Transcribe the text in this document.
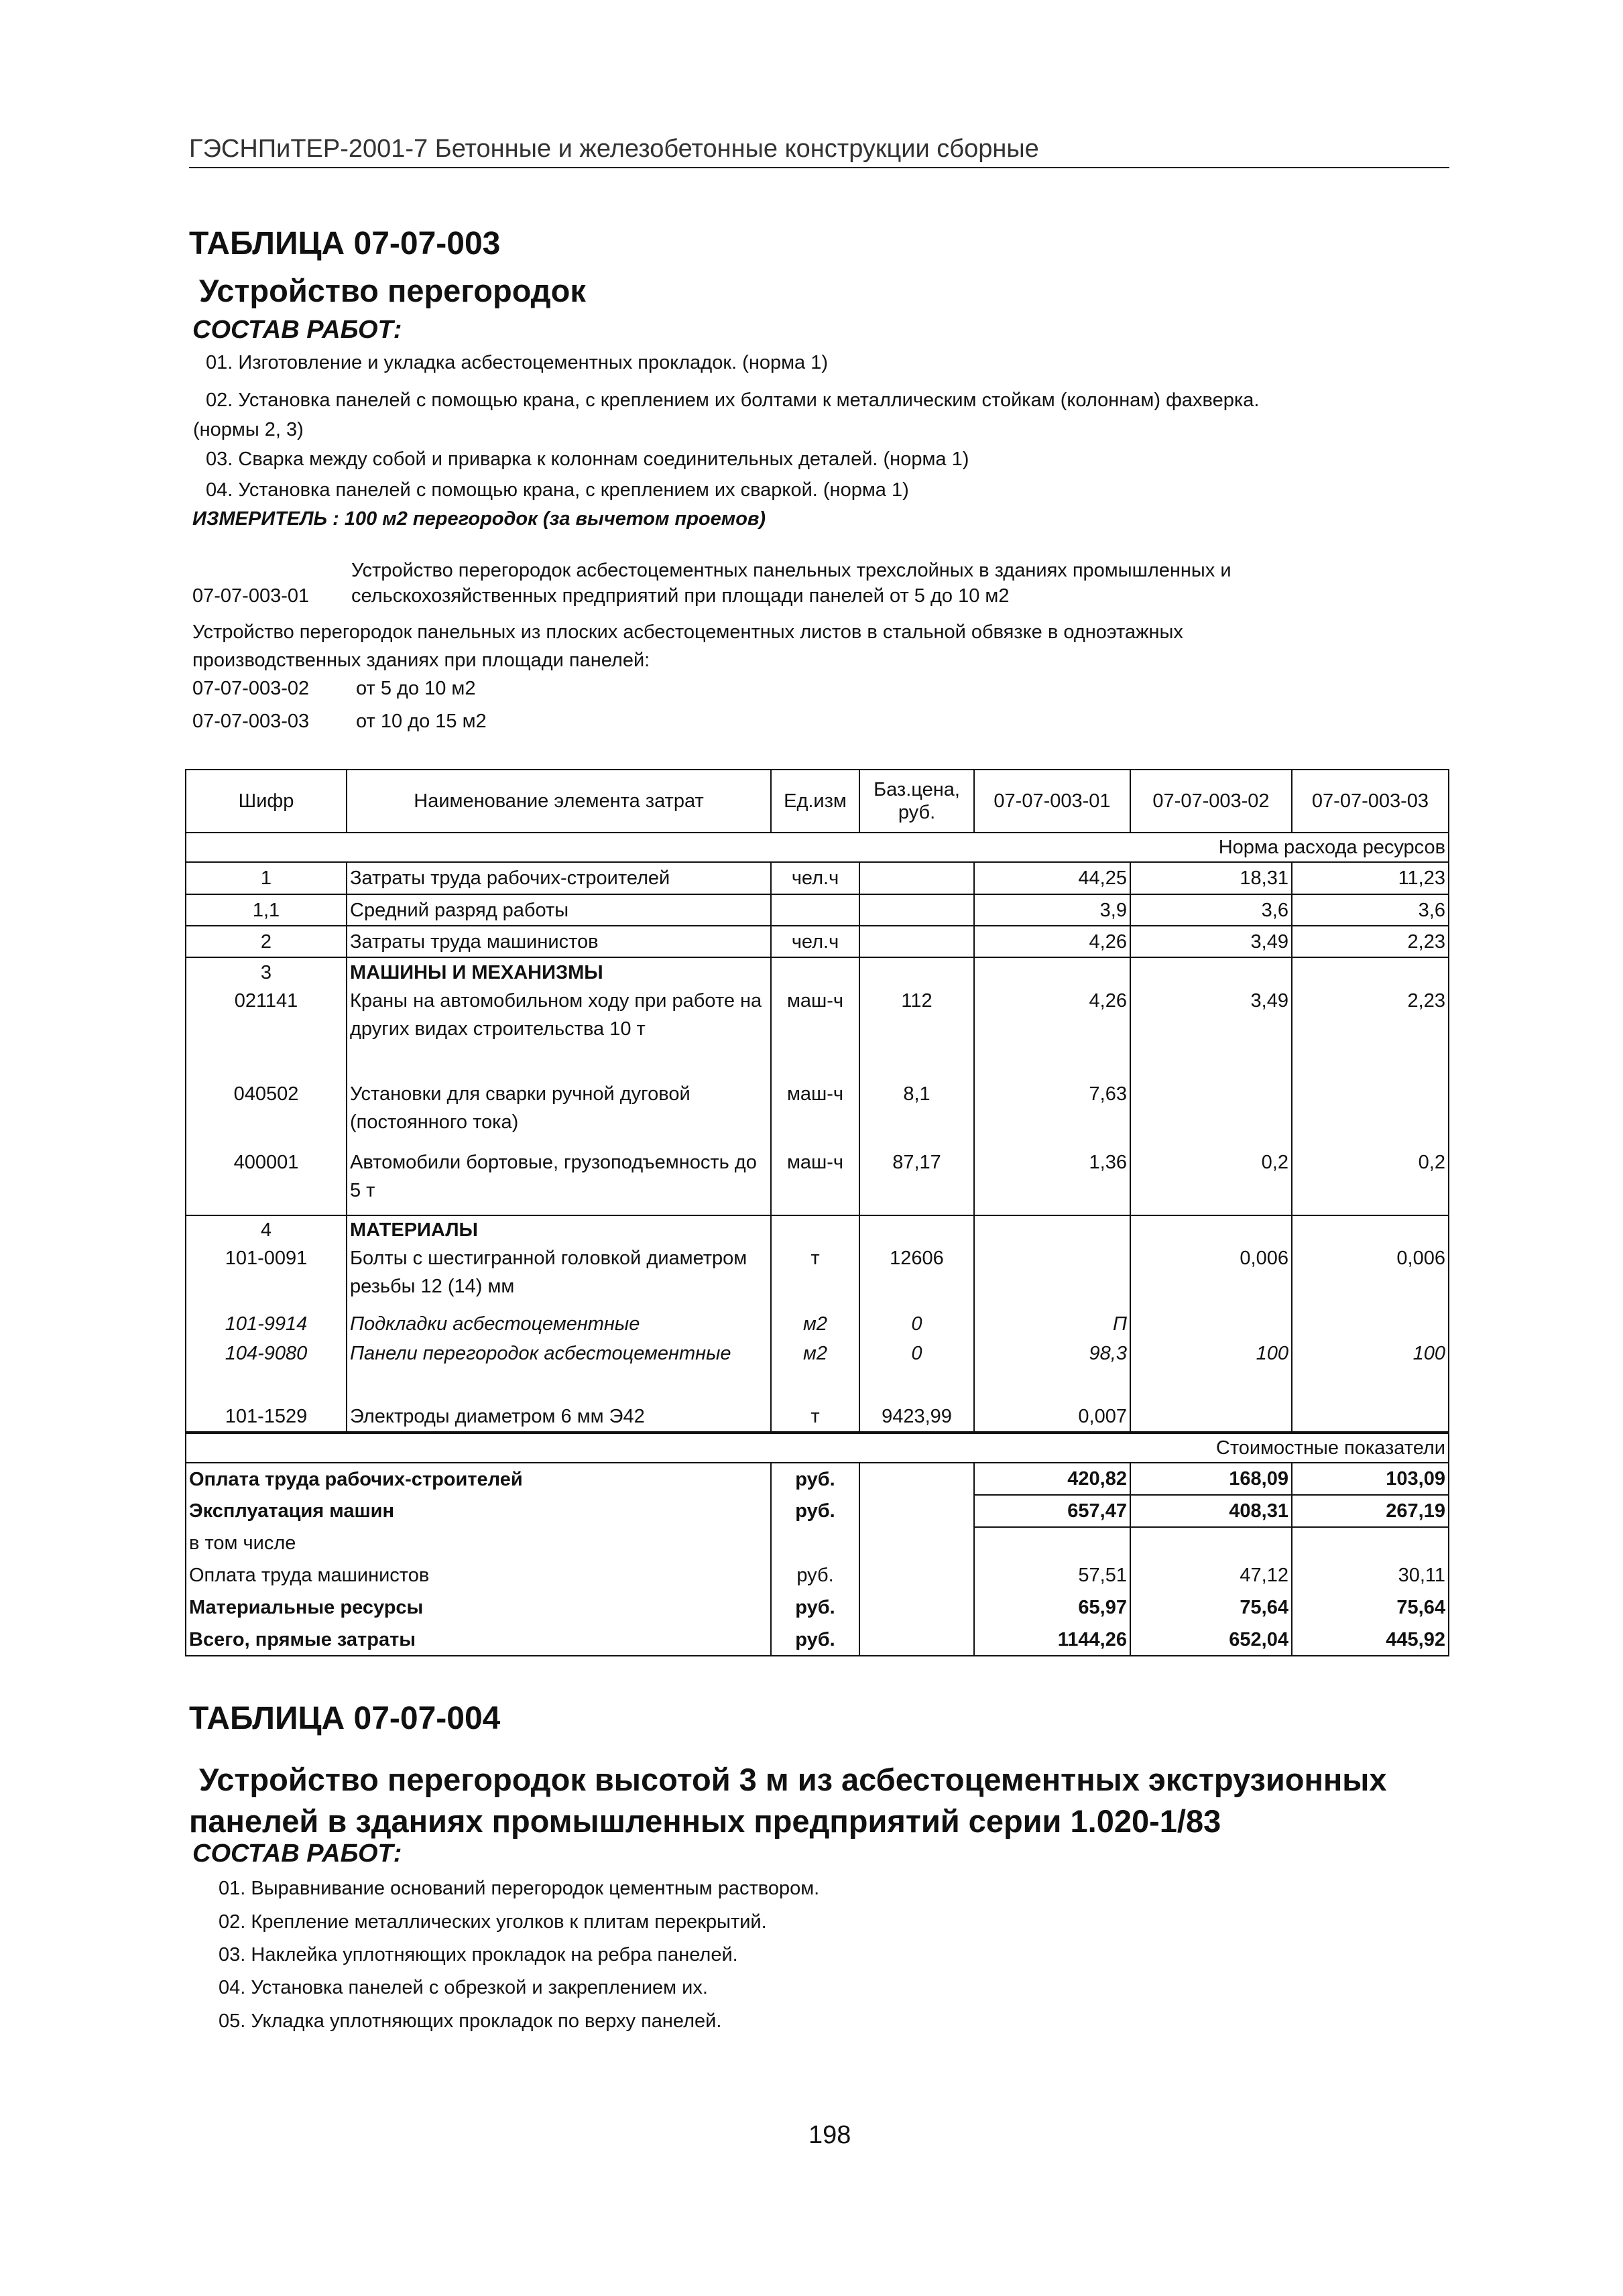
ГЭСНПиТЕР-2001-7 Бетонные и железобетонные конструкции сборные
ТАБЛИЦА 07-07-003
Устройство перегородок
СОСТАВ РАБОТ:
01. Изготовление и укладка асбестоцементных прокладок. (норма 1)
02. Установка панелей с помощью крана, с креплением их болтами к металлическим стойкам (колоннам) фахверка.
(нормы 2, 3)
03. Сварка между собой и приварка к колоннам соединительных деталей. (норма 1)
04. Установка панелей с помощью крана, с креплением их сваркой. (норма 1)
ИЗМЕРИТЕЛЬ : 100 м2 перегородок (за вычетом проемов)
Устройство перегородок асбестоцементных панельных трехслойных в зданиях промышленных и
07-07-003-01 сельскохозяйственных предприятий при площади панелей от 5 до 10 м2
Устройство перегородок панельных из плоских асбестоцементных листов в стальной обвязке в одноэтажных
производственных зданиях при площади панелей:
07-07-003-02 от 5 до 10 м2
07-07-003-03 от 10 до 15 м2
Шифр	Наименование элемента затрат	Ед.изм	Баз.цена, руб.	07-07-003-01	07-07-003-02	07-07-003-03
Норма расхода ресурсов						
1	Затраты труда рабочих-строителей	чел.ч		44,25	18,31	11,23
1,1	Средний разряд работы			3,9	3,6	3,6
2	Затраты труда машинистов	чел.ч		4,26	3,49	2,23
3	МАШИНЫ И МЕХАНИЗМЫ					
021141	Краны на автомобильном ходу при работе на других видах строительства 10 т	маш-ч	112	4,26	3,49	2,23
040502	Установки для сварки ручной дуговой (постоянного тока)	маш-ч	8,1	7,63		
400001	Автомобили бортовые, грузоподъемность до 5 т	маш-ч	87,17	1,36	0,2	0,2
4	МАТЕРИАЛЫ					
101-0091	Болты с шестигранной головкой диаметром резьбы 12 (14) мм	т	12606		0,006	0,006
101-9914	Подкладки асбестоцементные	м2	0	П		
104-9080	Панели перегородок асбестоцементные	м2	0	98,3	100	100
101-1529	Электроды диаметром 6 мм Э42	т	9423,99	0,007		
Стоимостные показатели						
Оплата труда рабочих-строителей		руб.		420,82	168,09	103,09
Эксплуатация машин		руб.		657,47	408,31	267,19
в том числе						
Оплата труда машинистов		руб.		57,51	47,12	30,11
Материальные ресурсы		руб.		65,97	75,64	75,64
Всего, прямые затраты		руб.		1144,26	652,04	445,92
ТАБЛИЦА 07-07-004
Устройство перегородок высотой 3 м из асбестоцементных экструзионных
панелей в зданиях промышленных предприятий серии 1.020-1/83
СОСТАВ РАБОТ:
01. Выравнивание оснований перегородок цементным раствором.
02. Крепление металлических уголков к плитам перекрытий.
03. Наклейка уплотняющих прокладок на ребра панелей.
04. Установка панелей с обрезкой и закреплением их.
05. Укладка уплотняющих прокладок по верху панелей.
198
